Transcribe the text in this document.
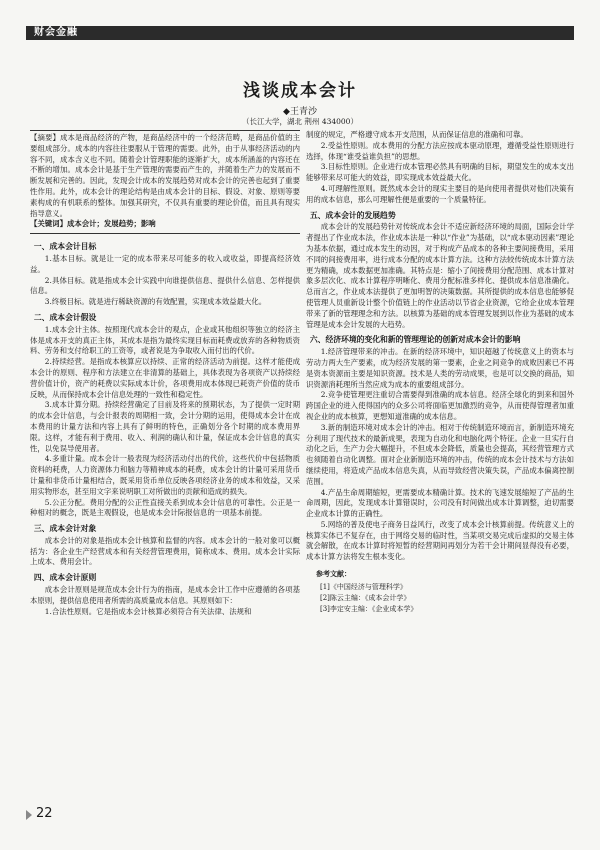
财会金融
浅谈成本会计
◆王青沙
（长江大学，湖北 荆州 434000）

【摘要】成本是商品经济的产物，是商品经济中的一个经济范畴，是商品价值的主要组成部分。成本的内容往往要服从于管理的需要。此外，由于从事经济活动的内容不同，成本含义也不同。随着会计管理职能的逐渐扩大，成本所涵盖的内容还在不断的增加。成本会计是基于生产管理的需要而产生的，并随着生产力的发展而不断发展和完善的。因此，发现会计成本的发展趋势对成本会计的完善也起到了重要性作用。此外，成本会计的理论结构是由成本会计的目标、假设、对象、原则等要素构成的有机联系的整体。加强其研究，不仅具有重要的理论价值，而且具有现实指导意义。

【关键词】成本会计；发展趋势；影响

一、成本会计目标

1.基本目标。就是让一定的成本带来尽可能多的收入或收益，即提高经济效益。

2.具体目标。就是指成本会计实践中向谁提供信息、提供什么信息、怎样提供信息。

3.终极目标。就是进行稀缺资源的有效配置，实现成本效益最大化。

二、成本会计假设

1.成本会计主体。按照现代成本会计的观点，企业或其他组织等独立的经济主体是成本开支的真正主体，其成本是指为最终实现目标而耗费或放弃的各种物质资料、劳务和支付给职工的工资等，或者说是为争取收入而付出的代价。

2.持续经营。是指成本核算应以持续、正常的经济活动为前提。这样才能使成本会计的原则、程序和方法建立在非清算的基础上，具体表现为各项资产以持续经营价值计价，资产的耗费以实际成本计价，各项费用成本体现已耗资产价值的货币反映，从而保持成本会计信息处理的一致性和稳定性。

3.成本计算分期。持续经营确定了目前及将来的预期状态，为了提供一定时期的成本会计信息，与会计报表的周期相一致，会计分期的运用，使得成本会计在成本费用的计量方法和内容上具有了鲜明的特色，正确划分各个时期的成本费用界限。这样，才能有利于费用、收入、利润的确认和计量，保证成本会计信息的真实性，以免误导使用者。

4.多重计量。成本会计一般表现为经济活动付出的代价，这些代价中包括物质资料的耗费，人力资源体力和脑力等精神成本的耗费，成本会计的计量可采用货币计量和非货币计量相结合，既采用货币单位反映各项经济业务的成本和效益，又采用实物形态，甚至用文字来说明职工对所做出的贡献和造成的损失。

5.公正分配。费用分配的公正性直接关系到成本会计信息的可靠性。公正是一种相对的概念，既是主观假设，也是成本会计际报信息的一项基本前提。

三、成本会计对象

成本会计的对象是指成本会计核算和监督的内容。成本会计的一般对象可以概括为：各企业生产经营成本和有关经营管理费用，简称成本、费用。成本会计实际上成本、费用会计。

四、成本会计原则

成本会计原则是规范成本会计行为的指南，是成本会计工作中应遵循的各项基本原则，提供信息使用者所需的高质量成本信息。其原则如下：

1.合法性原则。它是指成本会计核算必须符合有关法律、法规和

制度的规定，严格遵守成本开支范围，从而保证信息的准确和可靠。

2.受益性原则。成本费用的分配方法应按成本驱动原理，遵循受益性原则进行选择，体现“谁受益谁负担”的思想。

3.目标性原则。企业进行成本管理必然具有明确的目标，期望发生的成本支出能够带来尽可能大的效益，即实现成本效益最大化。

4.可理解性原则。既然成本会计的现实主要目的是向使用者提供对他们决策有用的成本信息，那么可理解性便是重要的一个质量特征。

五、成本会计的发展趋势

成本会计的发展趋势针对传统成本会计不适应新经济环境的局面，国际会计学者提出了作业成本法，作业成本法是一种以“作业”为基础，以“成本驱动因素”理论为基本依据，通过成本发生的动因，对于构成产品成本的各种主要间接费用，采用不同的间接费用率，进行成本分配的成本计算方法。这种方法较传统成本计算方法更为精确，成本数据更加准确。其特点是：缩小了间接费用分配范围、成本计算对象多层次化、成本计算程序明晰化、费用分配标准多样化、提供成本信息准确化。总而言之，作业成本法提供了更加明智的决策数据。其所提供的成本信息也能够促使管理人员重新设计整个价值链上的作业活动以节省企业资源，它给企业成本管理带来了新的管理理念和方法。以核算为基础的成本管理发展到以作业为基础的成本管理是成本会计发展的大趋势。

六、经济环境的变化和新的管理理论的创新对成本会计的影响

1.经济管理带来的冲击。在新的经济环境中，知识超越了传统意义上的资本与劳动力两大生产要素，成为经济发展的第一要素，企业之间竞争的成败因素已不再是资本资源而主要是知识资源。技术是人类的劳动成果，也是可以交换的商品，知识资源消耗理所当然应成为成本的重要组成部分。

2.竞争使管理更注重切合需要得到准确的成本信息。经济全球化的到来和国外跨国企业的进入使得国内的众多公司将面临更加激烈的竞争，从而使得管理者加重视企业的成本核算，更想知道准确的成本信息。

3.新的制造环境对成本会计的冲击。相对于传统制造环境而言，新制造环境充分利用了现代技术的最新成果，表现为自动化和电脑化两个特征。企业一旦实行自动化之后，生产力会大幅提升，不但成本会降低，质量也会提高，其经营管理方式也须随着自动化调整。面对企业新制造环境的冲击，传统的成本会计技术与方法如继续使用，将造成产品成本信息失真，从而导致经营决策失误，产品成本偏离控制范围。

4.产品生命周期缩短，更需要成本精确计算。技术的飞速发展缩短了产品的生命周期，因此，发现成本计算错误时，公司没有时间做出成本计算调整，迫切需要企业成本计算的正确性。

5.网络的普及使电子商务日益风行，改变了成本会计核算前提。传统意义上的核算实体已不复存在，由于网络交易的临时性，当某项交易完成后虚拟的交易主体就会解散，在成本计算时将短暂的经营期间再划分为若干会计期间显得没有必要，成本计算方法将发生根本变化。

参考文献：
[1]《中国经济与管理科学》
[2]陈云主编：《成本会计学》
[3]李定安主编：《企业成本学》
22
